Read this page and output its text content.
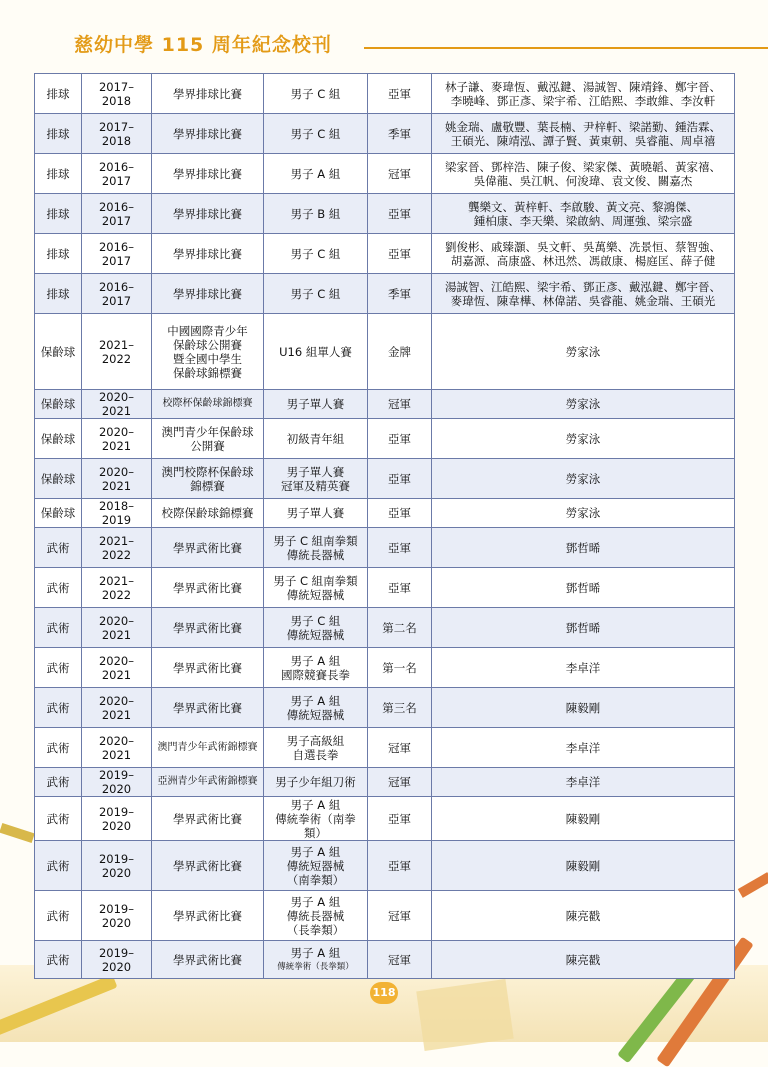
慈幼中學 115 周年紀念校刊
排球	2017–2018	學界排球比賽	男子 C 組	亞軍	林子謙、麥瑋恆、戴泓鍵、湯誠智、陳靖鋒、鄭宇晉、
李曉峰、鄧正彥、梁宇希、江皓熙、李敢維、李汝軒

排球	2017–2018	學界排球比賽	男子 C 組	季軍	姚金瑞、盧敬豐、葉長楠、尹梓軒、梁諾勤、鍾浩霖、
王碩光、陳靖泓、譚子賢、黃東朝、吳睿龍、周卓禧

排球	2016–2017	學界排球比賽	男子 A 組	冠軍	梁家晉、鄧梓浩、陳子俊、梁家傑、黃曉韜、黃家禧、
吳偉龍、吳江帆、何浚瑋、袁文俊、關嘉杰

排球	2016–2017	學界排球比賽	男子 B 組	亞軍	龔樂文、黃梓軒、李啟駿、黃文亮、黎鴻傑、
鍾柏康、李天樂、梁啟納、周運強、梁宗盛

排球	2016–2017	學界排球比賽	男子 C 組	亞軍	劉俊彬、戚臻灝、吳文軒、吳萬樂、冼景恒、蔡智強、
胡嘉源、高康盛、林迅然、馮啟康、楊庭匡、薛子健

排球	2016–2017	學界排球比賽	男子 C 組	季軍	湯誠智、江皓熙、梁宇希、鄧正彥、戴泓鍵、鄭宇晉、
麥瑋恆、陳韋樺、林偉諾、吳睿龍、姚金瑞、王碩光

保齡球	2021–2022	中國國際青少年
保齡球公開賽
暨全國中學生
保齡球錦標賽	U16 組單人賽	金牌	勞家泳

保齡球	2020–2021	校際杯保齡球錦標賽	男子單人賽	冠軍	勞家泳

保齡球	2020–2021	澳門青少年保齡球
公開賽	初級青年組	亞軍	勞家泳

保齡球	2020–2021	澳門校際杯保齡球
錦標賽	男子單人賽
冠軍及精英賽	亞軍	勞家泳

保齡球	2018–2019	校際保齡球錦標賽	男子單人賽	亞軍	勞家泳

武術	2021–2022	學界武術比賽	男子 C 組南拳類
傳統長器械	亞軍	鄧哲晞

武術	2021–2022	學界武術比賽	男子 C 組南拳類
傳統短器械	亞軍	鄧哲晞

武術	2020–2021	學界武術比賽	男子 C 組
傳統短器械	第二名	鄧哲晞

武術	2020–2021	學界武術比賽	男子 A 組
國際競賽長拳	第一名	李卓洋

武術	2020–2021	學界武術比賽	男子 A 組
傳統短器械	第三名	陳毅剛

武術	2020–2021	澳門青少年武術錦標賽	男子高級組
自選長拳	冠軍	李卓洋

武術	2019–2020	亞洲青少年武術錦標賽	男子少年組刀術	冠軍	李卓洋

武術	2019–2020	學界武術比賽	男子 A 組
傳統拳術（南拳類）	亞軍	陳毅剛

武術	2019–2020	學界武術比賽	男子 A 組
傳統短器械
（南拳類）	亞軍	陳毅剛

武術	2019–2020	學界武術比賽	男子 A 組
傳統長器械
（長拳類）	冠軍	陳亮戳

武術	2019–2020	學界武術比賽	男子 A 組
傳統拳術（長拳類）	冠軍	陳亮戳
118
